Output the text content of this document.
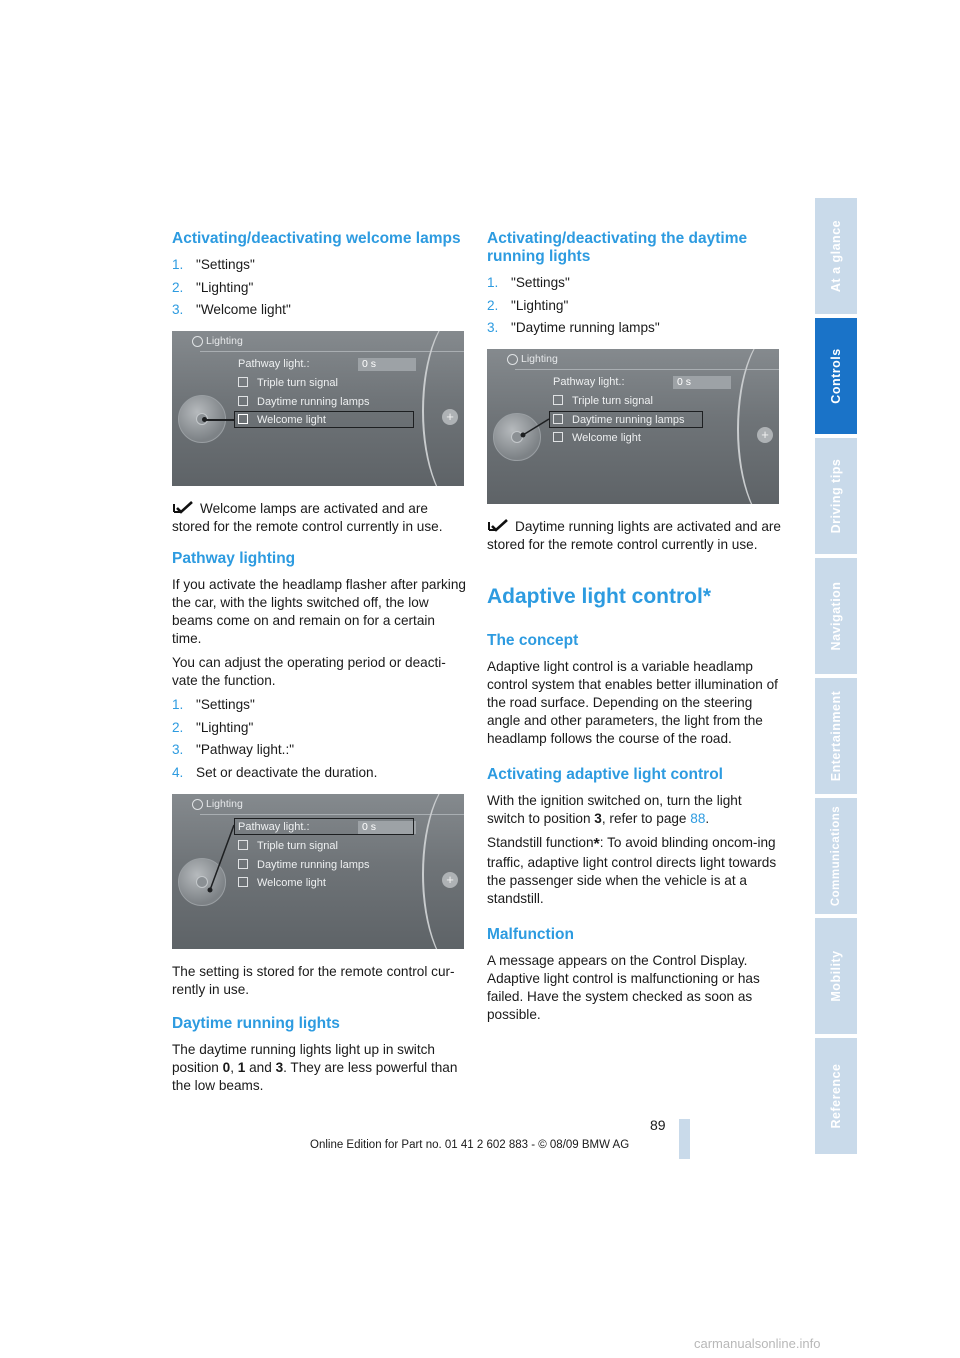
Activating/deactivating welcome lamps
1. "Settings"
2. "Lighting"
3. "Welcome light"
Lighting
+
Pathway light.:	0 s
Triple turn signal
Daytime running lamps
Welcome light

Welcome lamps are activated and are stored for the remote control currently in use.

Pathway lighting

If you activate the headlamp flasher after parking the car, with the lights switched off, the low beams come on and remain on for a certain time.

You can adjust the operating period or deacti-vate the function.

1. "Settings"
2. "Lighting"
3. "Pathway light.:"
4. Set or deactivate the duration.
Lighting
+
Pathway light.:	0 s
Triple turn signal
Daytime running lamps
Welcome light

The setting is stored for the remote control cur-rently in use.

Daytime running lights

The daytime running lights light up in switch position 0, 1 and 3. They are less powerful than the low beams.

Activating/deactivating the daytime running lights
1. "Settings"
2. "Lighting"
3. "Daytime running lamps"
Lighting
+
Pathway light.:	0 s
Triple turn signal
Daytime running lamps
Welcome light

Daytime running lights are activated and are stored for the remote control currently in use.

Adaptive light control*
The concept

Adaptive light control is a variable headlamp control system that enables better illumination of the road surface. Depending on the steering angle and other parameters, the light from the headlamp follows the course of the road.

Activating adaptive light control

With the ignition switched on, turn the light switch to position 3, refer to page 88.

Standstill function*: To avoid blinding oncom-ing traffic, adaptive light control directs light towards the passenger side when the vehicle is at a standstill.

Malfunction

A message appears on the Control Display. Adaptive light control is malfunctioning or has failed. Have the system checked as soon as possible.

At a glance
Controls
Driving tips
Navigation
Entertainment
Communications
Mobility
Reference
89
Online Edition for Part no. 01 41 2 602 883 - © 08/09 BMW AG
carmanualsonline.info
